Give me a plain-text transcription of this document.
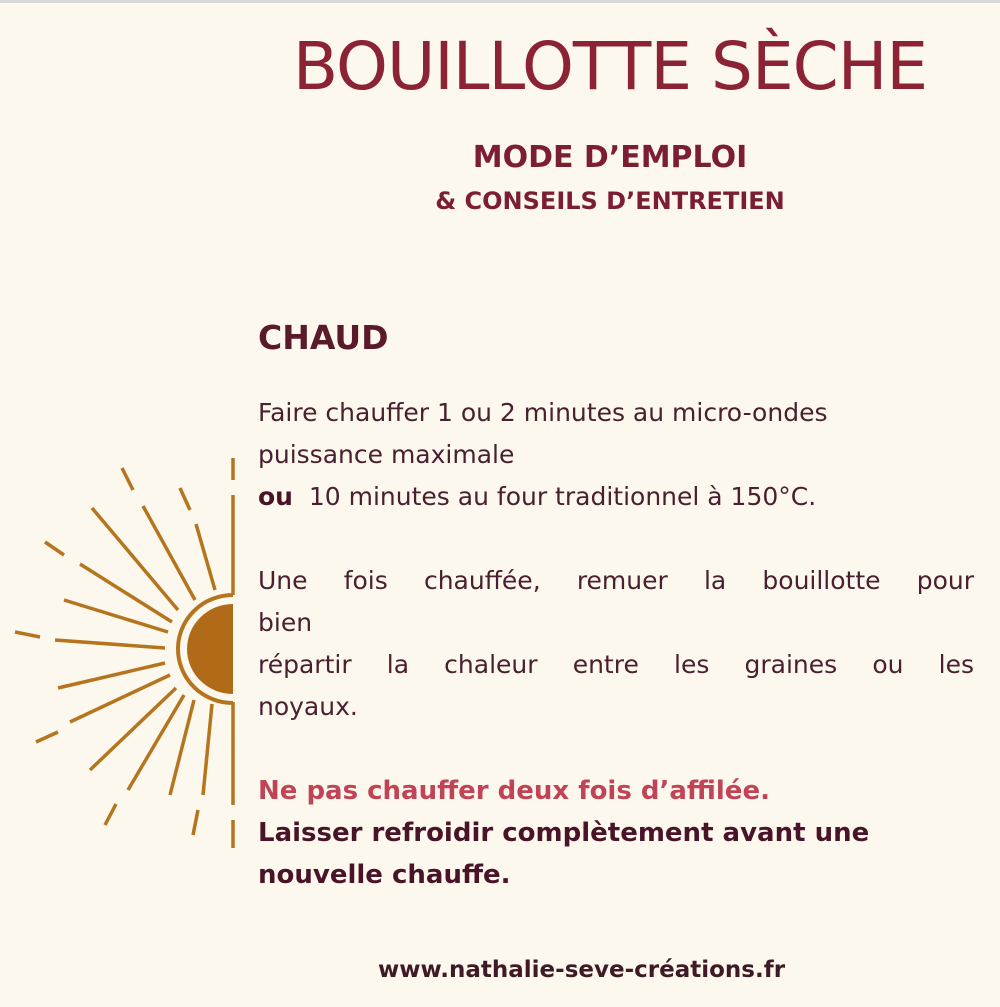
BOUILLOTTE SÈCHE
MODE D’EMPLOI
& CONSEILS D’ENTRETIEN
CHAUD

Faire chauffer 1 ou 2 minutes au micro-ondes

puissance maximale

ou  10 minutes au four traditionnel à 150°C.

Une fois chauffée, remuer la bouillotte pour

bien

répartir la chaleur entre les graines ou les

noyaux.

Ne pas chauffer deux fois d’affilée.

Laisser refroidir complètement avant une nouvelle chauffe.

www.nathalie-seve-créations.fr
